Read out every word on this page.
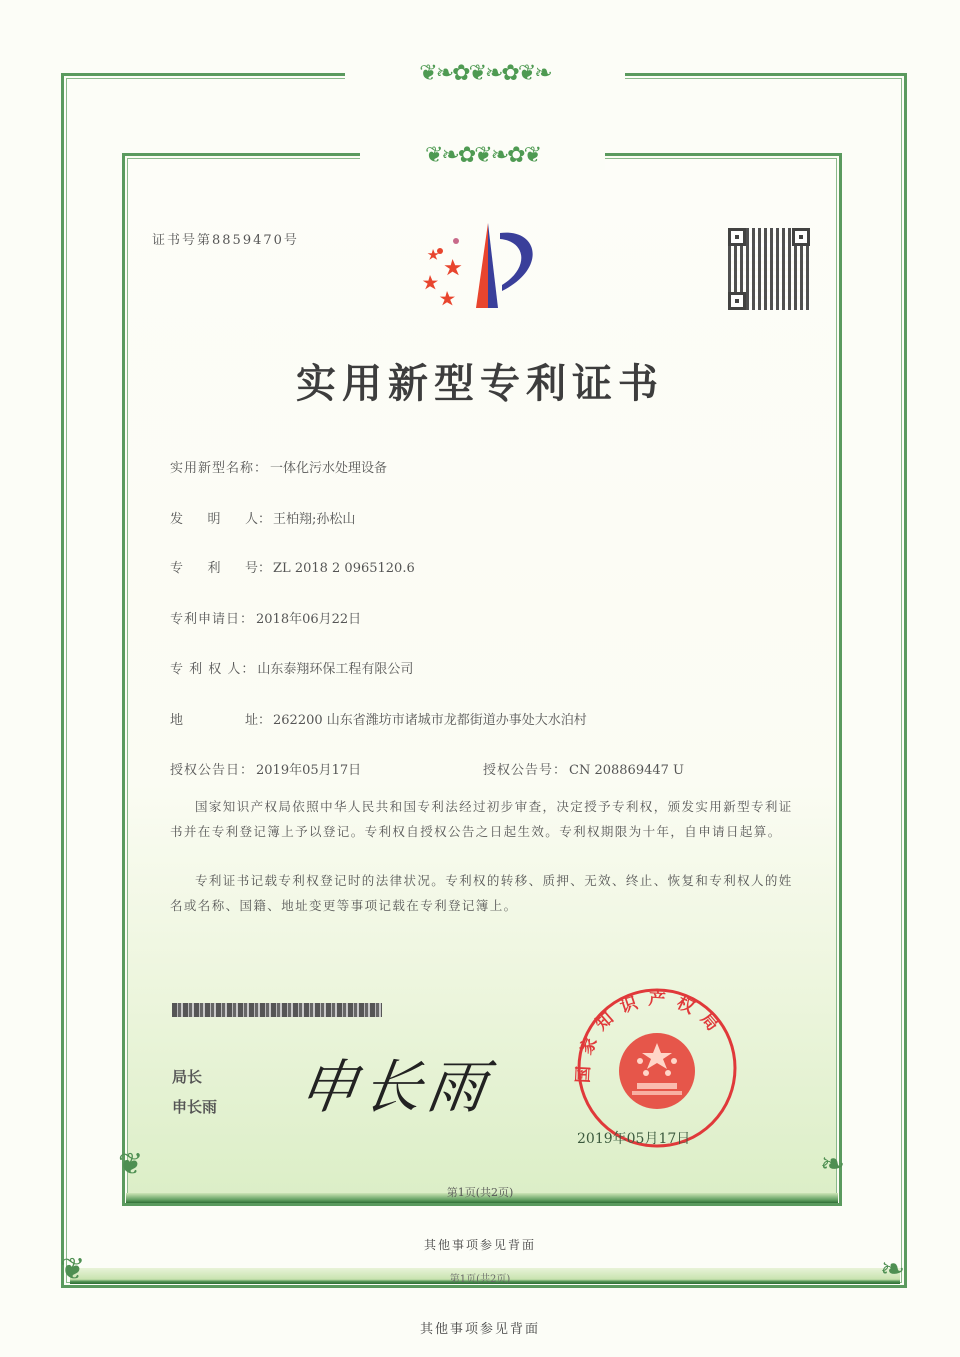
❦❧✿❦❧✿❦❧
❦❧✿❦❧✿❦
❦	❧
❦	❧
证书号第8859470号
实用新型专利证书
实用新型名称： 一体化污水处理设备
发 明 人 ： 王柏翔;孙松山
专 利 号 ： ZL 2018 2 0965120.6
专利申请日： 2018年06月22日
专 利 权 人： 山东泰翔环保工程有限公司
地	址 ： 262200 山东省潍坊市诸城市龙都街道办事处大水泊村
授权公告日： 2019年05月17日	授权公告号： CN 208869447 U
国家知识产权局依照中华人民共和国专利法经过初步审查，决定授予专利权，颁发实用新型专利证书并在专利登记簿上予以登记。专利权自授权公告之日起生效。专利权期限为十年，自申请日起算。
专利证书记载专利权登记时的法律状况。专利权的转移、质押、无效、终止、恢复和专利权人的姓名或名称、国籍、地址变更等事项记载在专利登记簿上。
局长
申长雨 申长雨	国家知识产权局
2019年05月17日
第1页(共2页)
其他事项参见背面
第1页(共2页)
其他事项参见背面
